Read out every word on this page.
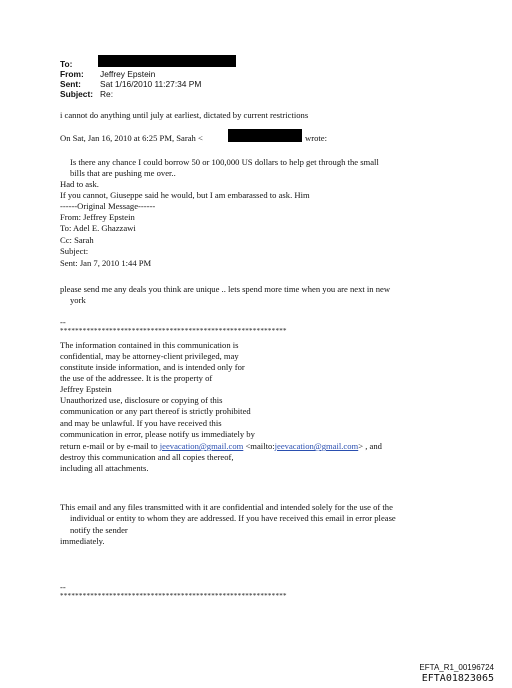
To:
From: Jeffrey Epstein
Sent: Sat 1/16/2010 11:27:34 PM
Subject: Re:
i cannot do anything until july at earliest, dictated by current restrictions
On Sat, Jan 16, 2010 at 6:25 PM, Sarah <	wrote:
Is there any chance I could borrow 50 or 100,000 US dollars to help get through the small
bills that are pushing me over..
Had to ask.
If you cannot, Giuseppe said he would, but I am embarassed to ask. Him
------Original Message------
From: Jeffrey Epstein
To: Adel E. Ghazzawi
Cc: Sarah
Subject:
Sent: Jan 7, 2010 1:44 PM
please send me any deals you think are unique .. lets spend more time when you are next in new
york
--
************************************************************
The information contained in this communication is
confidential, may be attorney-client privileged, may
constitute inside information, and is intended only for
the use of the addressee. It is the property of
Jeffrey Epstein
Unauthorized use, disclosure or copying of this
communication or any part thereof is strictly prohibited
and may be unlawful. If you have received this
communication in error, please notify us immediately by
return e-mail or by e-mail to jeevacation@gmail.com <mailto:jeevacation@gmail.com> , and
destroy this communication and all copies thereof,
including all attachments.
This email and any files transmitted with it are confidential and intended solely for the use of the
individual or entity to whom they are addressed. If you have received this email in error please
notify the sender
immediately.
--
************************************************************
EFTA_R1_00196724
EFTA01823065
